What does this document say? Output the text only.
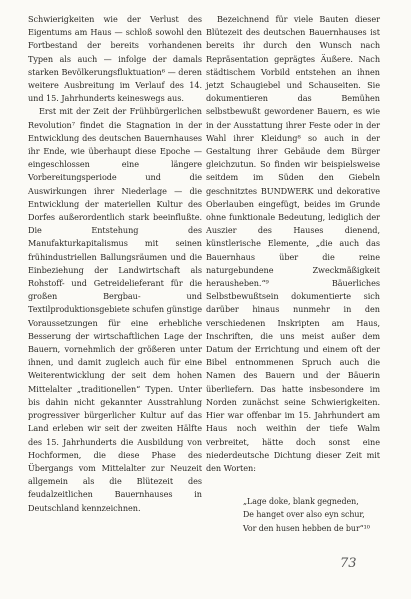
Schwierigkeiten wie der Verlust des Eigentums am Haus — schloß sowohl den Fortbestand der bereits vorhandenen Typen als auch — infolge der damals starken Bevölkerungsfluktuation⁶ — deren weitere Ausbreitung im Verlauf des 14. und 15. Jahrhunderts keineswegs aus.

Erst mit der Zeit der Frühbürgerlichen Revolution⁷ findet die Stagnation in der Entwicklung des deutschen Bauernhauses ihr Ende, wie überhaupt diese Epoche — eingeschlossen eine längere Vorbereitungsperiode und die Auswirkungen ihrer Niederlage — die Entwicklung der materiellen Kultur des Dorfes außerordentlich stark beeinflußte. Die Entstehung des Manufakturkapitalismus mit seinen frühindustriellen Ballungsräumen und die Einbeziehung der Landwirtschaft als Rohstoff- und Getreidelieferant für die großen Bergbau- und Textilproduktionsgebiete schufen günstige Voraussetzungen für eine erhebliche Besserung der wirtschaftlichen Lage der Bauern, vornehmlich der größeren unter ihnen, und damit zugleich auch für eine Weiterentwicklung der seit dem hohen Mittelalter „traditionellen“ Typen. Unter bis dahin nicht gekannter Ausstrahlung progressiver bürgerlicher Kultur auf das Land erleben wir seit der zweiten Hälfte des 15. Jahrhunderts die Ausbildung von Hochformen, die diese Phase des Übergangs vom Mittelalter zur Neuzeit allgemein als die Blütezeit des feudalzeitlichen Bauernhauses in Deutschland kennzeichnen.

Bezeichnend für viele Bauten dieser Blütezeit des deutschen Bauernhauses ist bereits ihr durch den Wunsch nach Repräsentation geprägtes Äußere. Nach städtischem Vorbild entstehen an ihnen jetzt Schaugiebel und Schauseiten. Sie dokumentieren das Bemühen selbstbewußt gewordener Bauern, es wie in der Ausstattung ihrer Feste oder in der Wahl ihrer Kleidung⁸ so auch in der Gestaltung ihrer Gebäude dem Bürger gleichzutun. So finden wir beispielsweise seitdem im Süden den Giebeln geschnitztes BUNDWERK und dekorative Oberlauben eingefügt, beides im Grunde ohne funktionale Bedeutung, lediglich der Auszier des Hauses dienend, künstlerische Elemente, „die auch das Bauernhaus über die reine naturgebundene Zweckmäßigkeit herausheben.“⁹ Bäuerliches Selbstbewußtsein dokumentierte sich darüber hinaus nunmehr in den verschiedenen Inskripten am Haus, Inschriften, die uns meist außer dem Datum der Errichtung und einem oft der Bibel entnommenen Spruch auch die Namen des Bauern und der Bäuerin überliefern. Das hatte insbesondere im Norden zunächst seine Schwierigkeiten. Hier war offenbar im 15. Jahrhundert am Haus noch weithin der tiefe Walm verbreitet, hätte doch sonst eine niederdeutsche Dichtung dieser Zeit mit den Worten:

„Lage doke, blank gegneden,
De hanget over also eyn schur,
Vor den husen hebben de bur“¹⁰
73
